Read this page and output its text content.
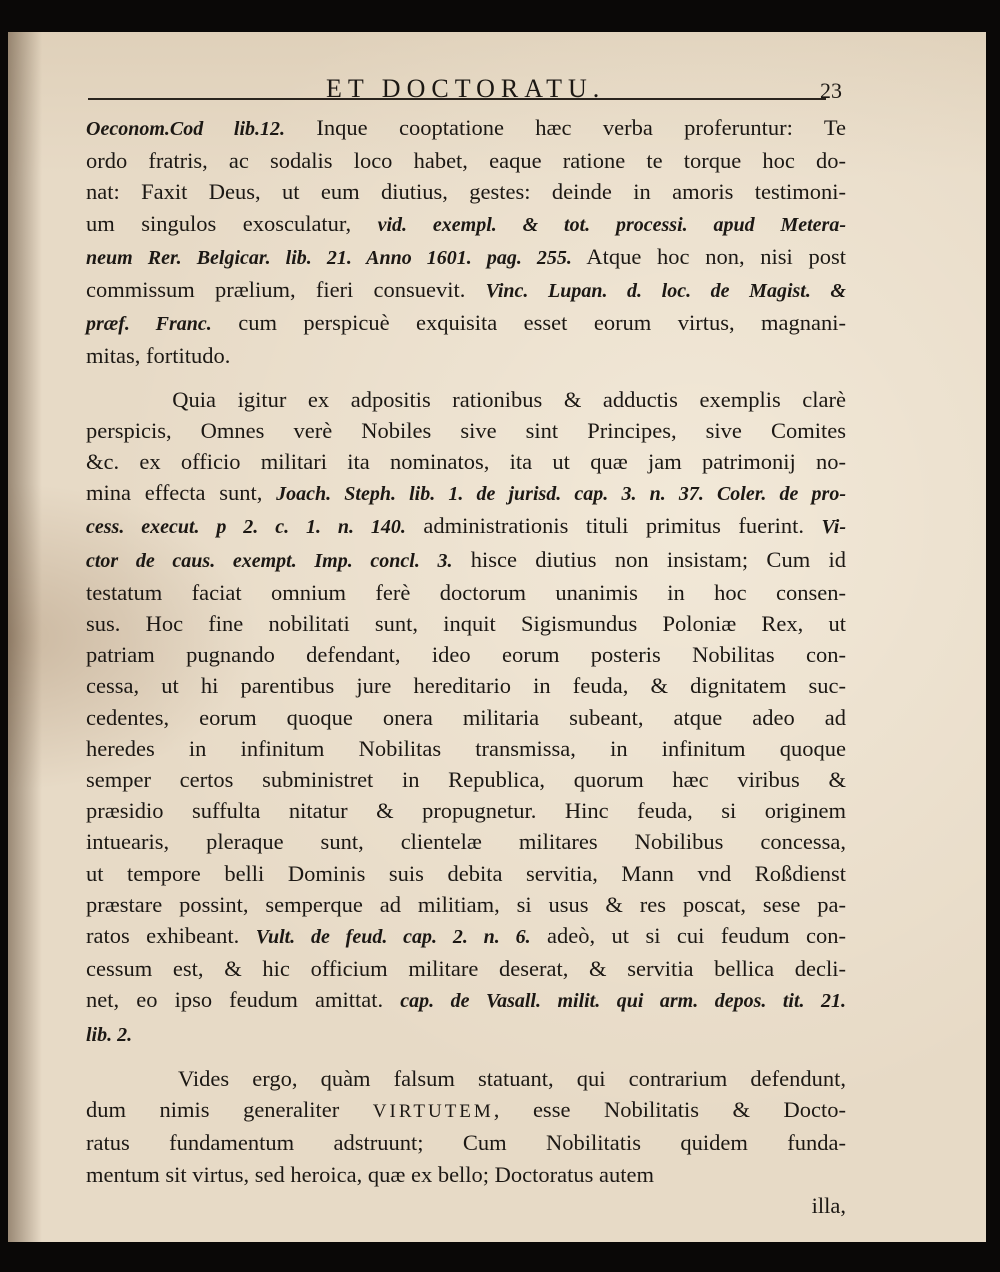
ET DOCTORATU.	23
Oeconom.Cod lib.12. Inque cooptatione hæc verba proferuntur: Te
ordo fratris, ac sodalis loco habet, eaque ratione te torque hoc do-
nat: Faxit Deus, ut eum diutius, gestes: deinde in amoris testimoni-
um singulos exosculatur, vid. exempl. & tot. processi. apud Metera-
neum Rer. Belgicar. lib. 21. Anno 1601. pag. 255. Atque hoc non, nisi post
commissum prælium, fieri consuevit. Vinc. Lupan. d. loc. de Magist. &
præf. Franc. cum perspicuè exquisita esset eorum virtus, magnani-
mitas, fortitudo.
Quia igitur ex adpositis rationibus & adductis exemplis clarè
perspicis, Omnes verè Nobiles sive sint Principes, sive Comites
&c. ex officio militari ita nominatos, ita ut quæ jam patrimonij no-
mina effecta sunt, Joach. Steph. lib. 1. de jurisd. cap. 3. n. 37. Coler. de pro-
cess. execut. p 2. c. 1. n. 140. administrationis tituli primitus fuerint. Vi-
ctor de caus. exempt. Imp. concl. 3. hisce diutius non insistam; Cum id
testatum faciat omnium ferè doctorum unanimis in hoc consen-
sus. Hoc fine nobilitati sunt, inquit Sigismundus Poloniæ Rex, ut
patriam pugnando defendant, ideo eorum posteris Nobilitas con-
cessa, ut hi parentibus jure hereditario in feuda, & dignitatem suc-
cedentes, eorum quoque onera militaria subeant, atque adeo ad
heredes in infinitum Nobilitas transmissa, in infinitum quoque
semper certos subministret in Republica, quorum hæc viribus &
præsidio suffulta nitatur & propugnetur. Hinc feuda, si originem
intuearis, pleraque sunt, clientelæ militares Nobilibus concessa,
ut tempore belli Dominis suis debita servitia, Mann vnd Roßdienst
præstare possint, semperque ad militiam, si usus & res poscat, sese pa-
ratos exhibeant. Vult. de feud. cap. 2. n. 6. adeò, ut si cui feudum con-
cessum est, & hic officium militare deserat, & servitia bellica decli-
net, eo ipso feudum amittat. cap. de Vasall. milit. qui arm. depos. tit. 21.
lib. 2.
Vides ergo, quàm falsum statuant, qui contrarium defendunt,
dum nimis generaliter VIRTUTEM, esse Nobilitatis & Docto-
ratus fundamentum adstruunt; Cum Nobilitatis quidem funda-
mentum sit virtus, sed heroica, quæ ex bello; Doctoratus autem
illa,
